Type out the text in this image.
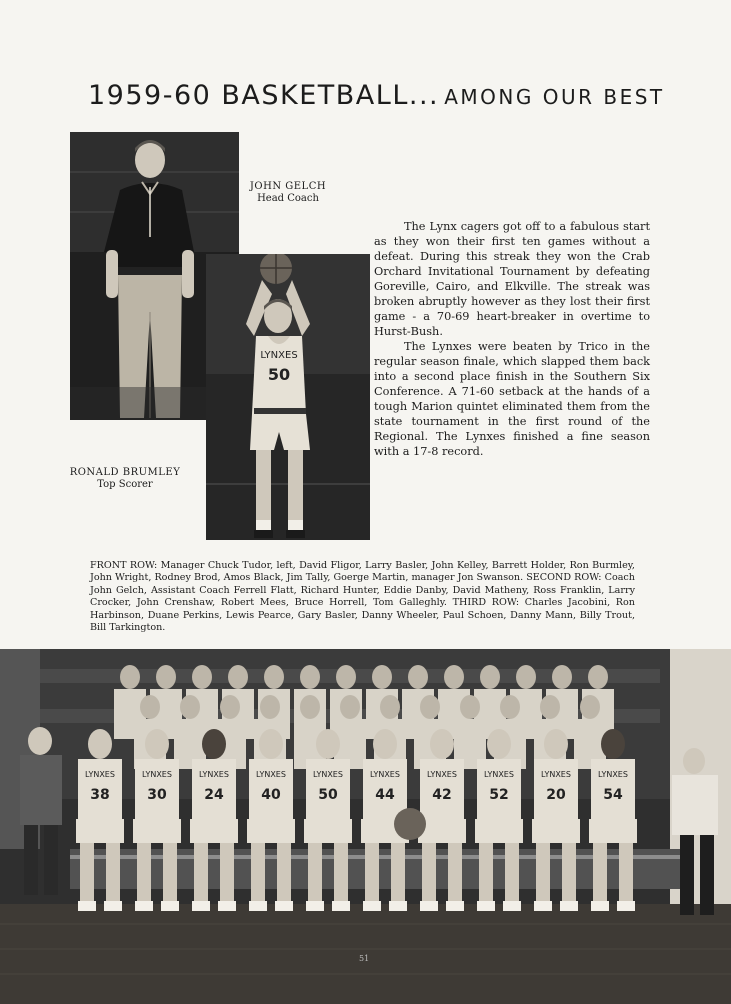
1959-60 BASKETBALL... AMONG OUR BEST
JOHN GELCH
Head Coach
LYNXES
50
RONALD BRUMLEY
Top Scorer

The Lynx cagers got off to a fabulous start as they won their first ten games without a defeat. During this streak they won the Crab Orchard Invitational Tournament by defeating Goreville, Cairo, and Elkville. The streak was broken abruptly however as they lost their first game - a 70-69 heart-breaker in overtime to Hurst-Bush.

The Lynxes were beaten by Trico in the regular season finale, which slapped them back into a second place finish in the Southern Six Conference. A 71-60 setback at the hands of a tough Marion quintet eliminated them from the state tournament in the first round of the Regional. The Lynxes finished a fine season with a 17-8 record.

FRONT ROW: Manager Chuck Tudor, left, David Fligor, Larry Basler, John Kelley, Barrett Holder, Ron Burmley, John Wright, Rodney Brod, Amos Black, Jim Tally, Goerge Martin, manager Jon Swanson. SECOND ROW: Coach John Gelch, Assistant Coach Ferrell Flatt, Richard Hunter, Eddie Danby, David Matheny, Ross Franklin, Larry Crocker, John Crenshaw, Robert Mees, Bruce Horrell, Tom Galleghly. THIRD ROW: Charles Jacobini, Ron Harbinson, Duane Perkins, Lewis Pearce, Gary Basler, Danny Wheeler, Paul Schoen, Danny Mann, Billy Trout, Bill Tarkington.
LYNXES
38
LYNXES
30
LYNXES
24
LYNXES
40
LYNXES
50
LYNXES
44
LYNXES
42
LYNXES
52
LYNXES
20
LYNXES
54
51
